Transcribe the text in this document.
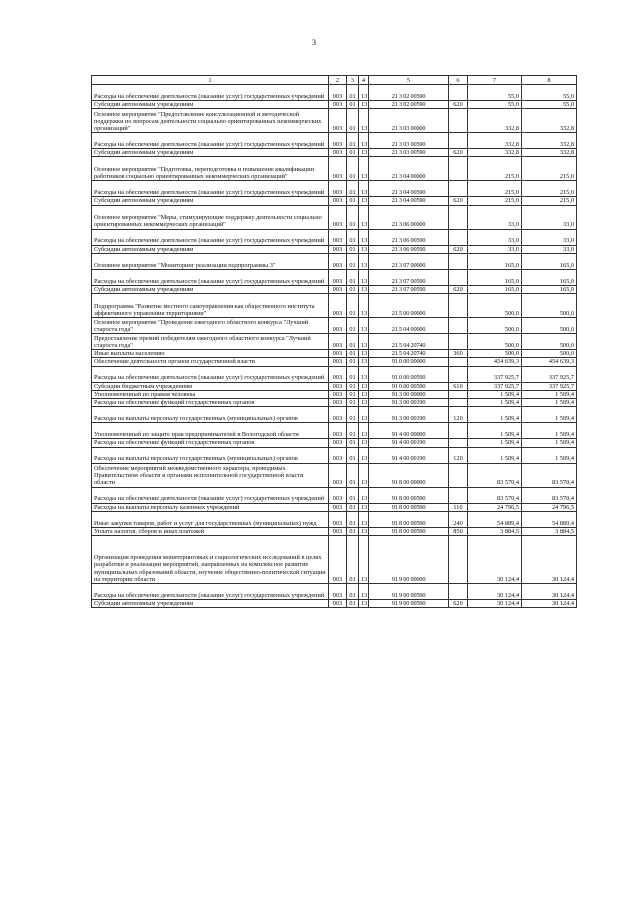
3
1	2	3	4	5	6	7	8
Расходы на обеспечение деятельности (оказание услуг) государственных учреждений	003	01	13	21 3 02 00590		55,0	55,0
Субсидии автономным учреждениям	003	01	13	21 3 02 00590	620	55,0	55,0
Основное мероприятие "Предоставление консультационной и методической поддержки по вопросам деятельности социально ориентированных некоммерческих организаций"	003	01	13	21 3 03 00000		332,8	332,8
Расходы на обеспечение деятельности (оказание услуг) государственных учреждений	003	01	13	21 3 03 00590		332,8	332,8
Субсидии автономным учреждениям	003	01	13	21 3 03 00590	620	332,8	332,8
Основное мероприятие "Подготовка, переподготовка и повышение квалификации работников социально ориентированных некоммерческих организаций"	003	01	13	21 3 04 00000		215,0	215,0
Расходы на обеспечение деятельности (оказание услуг) государственных учреждений	003	01	13	21 3 04 00590		215,0	215,0
Субсидии автономным учреждениям	003	01	13	21 3 04 00590	620	215,0	215,0
Основное мероприятие "Меры, стимулирующие поддержку деятельности социально ориентированных некоммерческих организаций"	003	01	13	21 3 06 00000		33,0	33,0
Расходы на обеспечение деятельности (оказание услуг) государственных учреждений	003	01	13	21 3 06 00590		33,0	33,0
Субсидии автономным учреждениям	003	01	13	21 3 06 00590	620	33,0	33,0
Основное мероприятие "Мониторинг реализации подпрограммы 3"	003	01	13	21 3 07 00000		165,0	165,0
Расходы на обеспечение деятельности (оказание услуг) государственных учреждений	003	01	13	21 3 07 00590		165,0	165,0
Субсидии автономным учреждениям	003	01	13	21 3 07 00590	620	165,0	165,0
Подпрограмма "Развитие местного самоуправления как общественного института эффективного управления территориями"	003	01	13	21 5 00 00000		500,0	500,0
Основное мероприятие "Проведение ежегодного областного конкурса "Лучший староста года"	003	01	13	21 5 04 00000		500,0	500,0
Предоставление премий победителям ежегодного областного конкурса "Лучший староста года"	003	01	13	21 5 04 20740		500,0	500,0
Иные выплаты населению	003	01	13	21 5 04 20740	360	500,0	500,0
Обеспечение деятельности органов государственной власти	003	01	13	91 0 00 00000		454 639,3	454 639,3
Расходы на обеспечение деятельности (оказание услуг) государственных учреждений	003	01	13	91 0 00 00590		337 925,7	337 925,7
Субсидии бюджетным учреждениям	003	01	13	91 0 00 00590	610	337 925,7	337 925,7
Уполномоченный по правам человека	003	01	13	91 3 00 00000		1 509,4	1 509,4
Расходы на обеспечение функций государственных органов	003	01	13	91 3 00 00190		1 509,4	1 509,4
Расходы на выплаты персоналу государственных (муниципальных) органов	003	01	13	91 3 00 00190	120	1 509,4	1 509,4
Уполномоченный по защите прав предпринимателей в Вологодской области	003	01	13	91 4 00 00000		1 509,4	1 509,4
Расходы на обеспечение функций государственных органов	003	01	13	91 4 00 00190		1 509,4	1 509,4
Расходы на выплаты персоналу государственных (муниципальных) органов	003	01	13	91 4 00 00190	120	1 509,4	1 509,4
Обеспечение мероприятий межведомственного характера, проводимых Правительством области и органами исполнительной государственной власти области	003	01	13	91 8 00 00000		83 570,4	83 570,4
Расходы на обеспечение деятельности (оказание услуг) государственных учреждений	003	01	13	91 8 00 00590		83 570,4	83 570,4
Расходы на выплаты персоналу казенных учреждений	003	01	13	91 8 00 00590	110	24 796,5	24 796,5
Иные закупки товаров, работ и услуг для государственных (муниципальных) нужд	003	01	13	91 8 00 00590	240	54 889,4	54 889,4
Уплата налогов, сборов и иных платежей	003	01	13	91 8 00 00590	850	3 884,5	3 884,5
Организация проведения мониторинговых и социологических исследований в целях разработки и реализации мероприятий, направленных на комплексное развитие муниципальных образований области, изучение общественно-политической ситуации на территории области	003	01	13	91 9 00 00000		30 124,4	30 124,4
Расходы на обеспечение деятельности (оказание услуг) государственных учреждений	003	01	13	91 9 00 00590		30 124,4	30 124,4
Субсидии автономным учреждениям	003	01	13	91 9 00 00590	620	30 124,4	30 124,4
